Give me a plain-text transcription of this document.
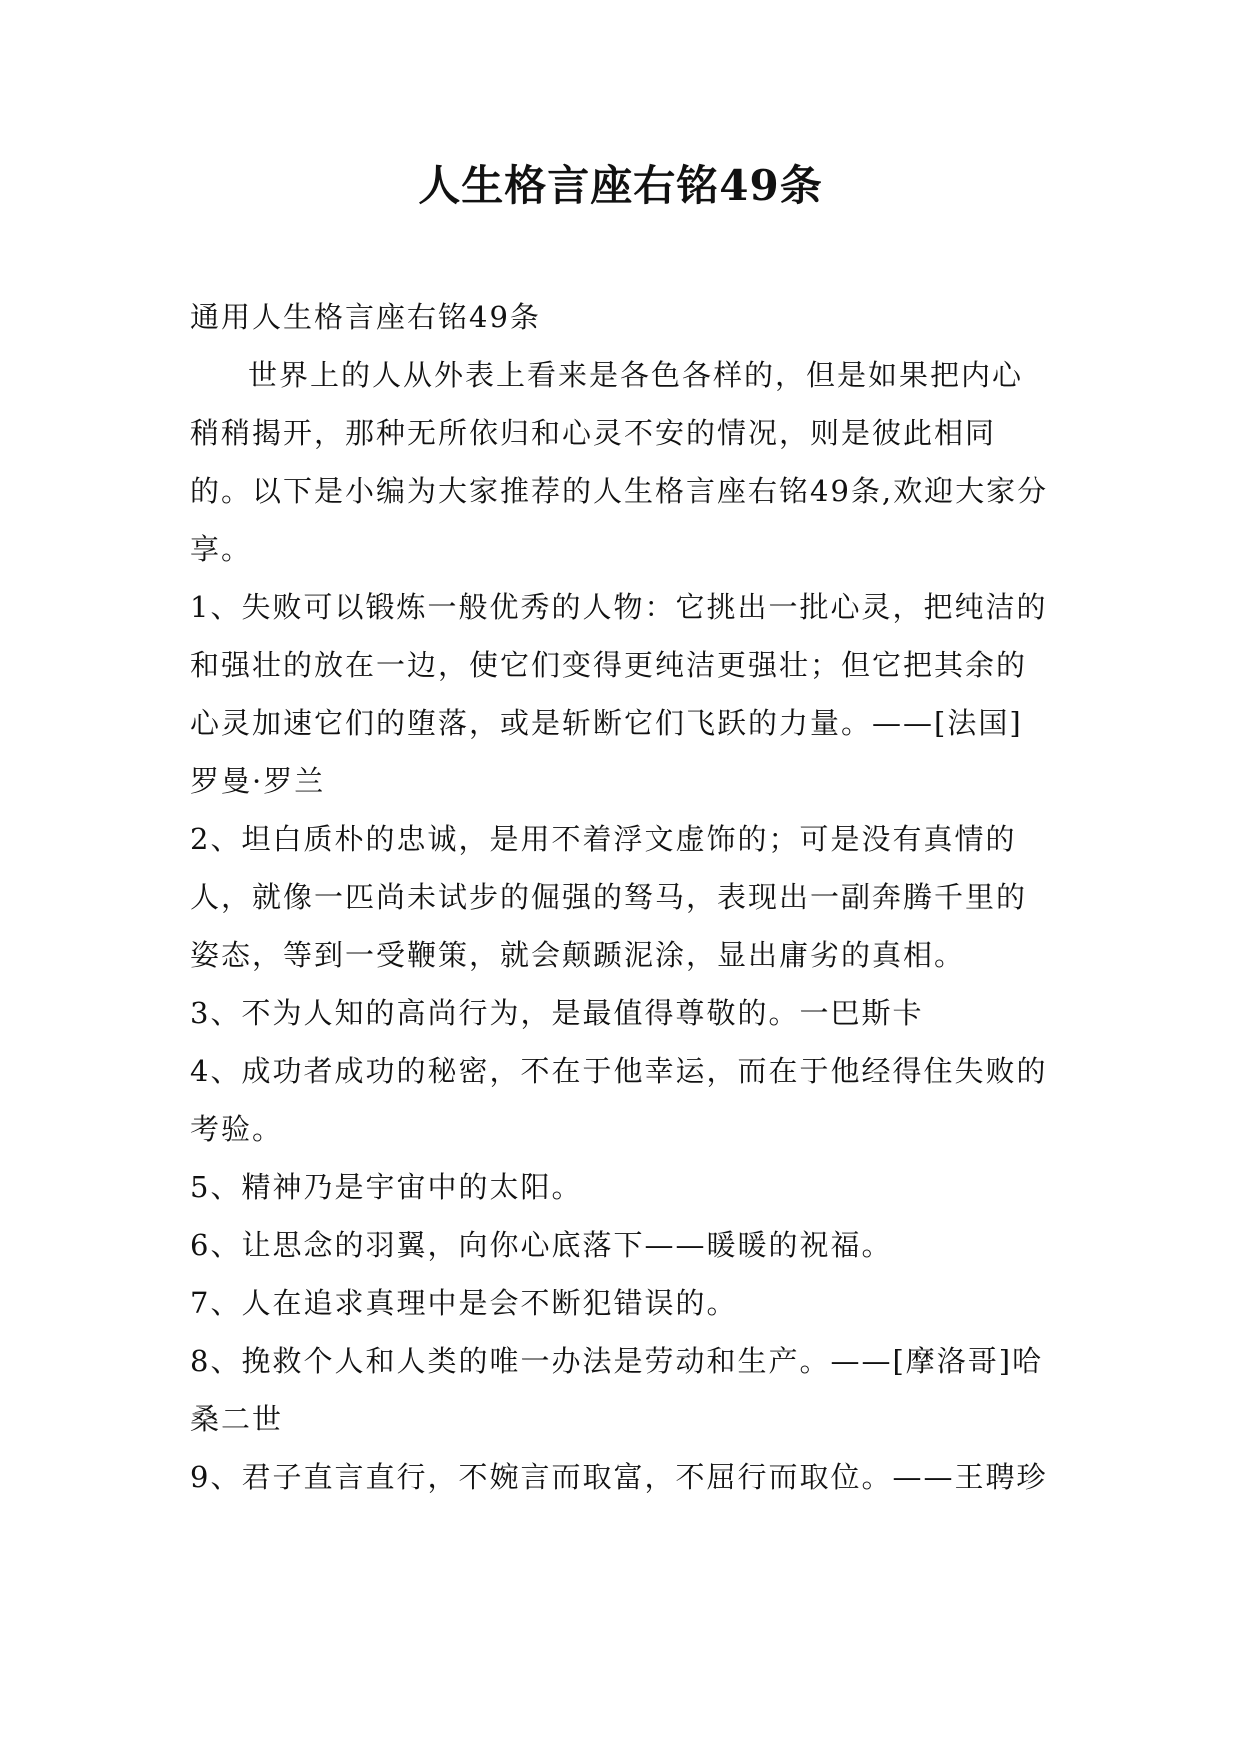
人生格言座右铭49条

通用人生格言座右铭49条

世界上的人从外表上看来是各色各样的，但是如果把内心稍稍揭开，那种无所依归和心灵不安的情况，则是彼此相同的。以下是小编为大家推荐的人生格言座右铭49条,欢迎大家分享。

1、失败可以锻炼一般优秀的人物：它挑出一批心灵，把纯洁的和强壮的放在一边，使它们变得更纯洁更强壮；但它把其余的心灵加速它们的堕落，或是斩断它们飞跃的力量。——[法国]罗曼·罗兰

2、坦白质朴的忠诚，是用不着浮文虚饰的；可是没有真情的人，就像一匹尚未试步的倔强的驽马，表现出一副奔腾千里的姿态，等到一受鞭策，就会颠踬泥涂，显出庸劣的真相。

3、不为人知的高尚行为，是最值得尊敬的。一巴斯卡

4、成功者成功的秘密，不在于他幸运，而在于他经得住失败的考验。

5、精神乃是宇宙中的太阳。

6、让思念的羽翼，向你心底落下——暖暖的祝福。

7、人在追求真理中是会不断犯错误的。

8、挽救个人和人类的唯一办法是劳动和生产。——[摩洛哥]哈桑二世

9、君子直言直行，不婉言而取富，不屈行而取位。——王聘珍
